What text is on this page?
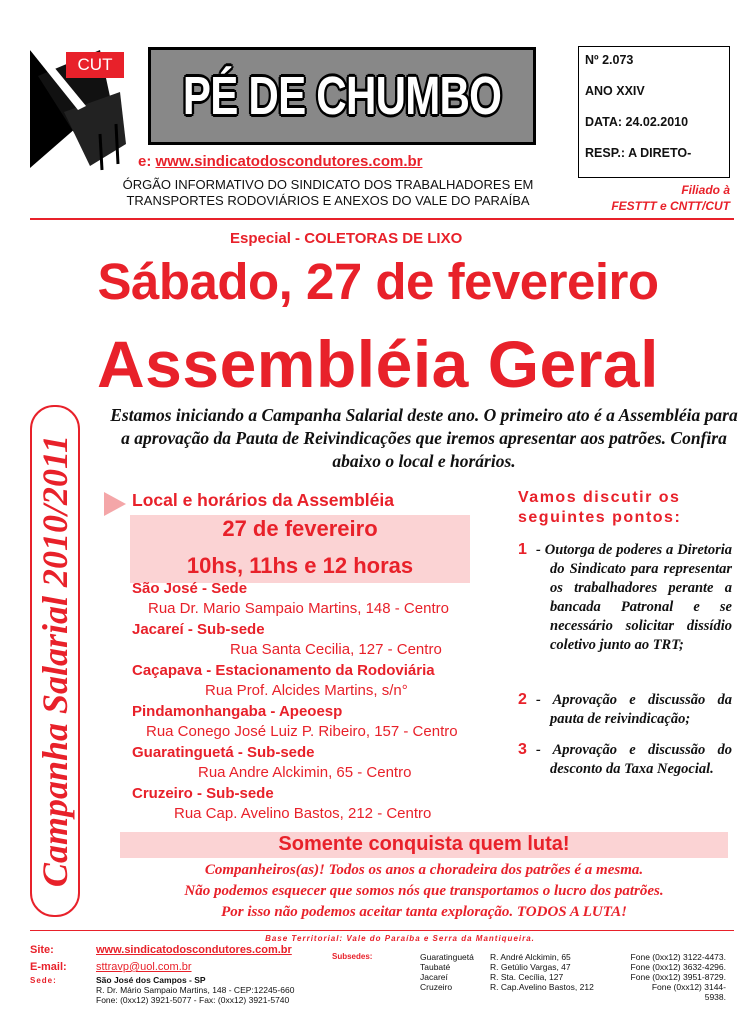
CUT
PÉ DE CHUMBO
Nº 2.073
ANO XXIV
DATA: 24.02.2010
RESP.: A DIRETO-
e: www.sindicatodoscondutores.com.br
ÓRGÃO INFORMATIVO DO SINDICATO DOS TRABALHADORES EM
TRANSPORTES RODOVIÁRIOS E ANEXOS DO VALE DO PARAÍBA
Filiado à
FESTTT e CNTT/CUT
Especial - COLETORAS DE LIXO
Sábado, 27 de fevereiro
Assembléia Geral
Campanha Salarial 2010/2011
Estamos iniciando a Campanha Salarial deste ano. O primeiro ato é a Assembléia para a aprovação da Pauta de Reivindicações que iremos apresentar aos patrões. Confira abaixo o local e horários.
Local e horários da Assembléia
27 de fevereiro
10hs, 11hs e 12 horas
São José - Sede
Rua Dr. Mario Sampaio Martins, 148 - Centro
Jacareí - Sub-sede
Rua Santa Cecilia, 127 - Centro
Caçapava - Estacionamento da Rodoviária
Rua Prof. Alcides Martins, s/n°
Pindamonhangaba - Apeoesp
Rua Conego José Luiz P. Ribeiro, 157 - Centro
Guaratinguetá - Sub-sede
Rua Andre Alckimin, 65 - Centro
Cruzeiro - Sub-sede
Rua Cap. Avelino Bastos, 212 - Centro
Vamos discutir os seguintes pontos:
1 - Outorga de poderes a Diretoria do Sindicato para representar os trabalhadores perante a bancada Patronal e se necessário solicitar dissídio coletivo junto ao TRT;
2 - Aprovação e discussão da pauta de reivindicação;
3 - Aprovação e discussão do desconto da Taxa Negocial.
Somente conquista quem luta!
Companheiros(as)! Todos os anos a choradeira dos patrões é a mesma.
Não podemos esquecer que somos nós que transportamos o lucro dos patrões.
Por isso não podemos aceitar tanta exploração. TODOS A LUTA!
Base Territorial: Vale do Paraíba e Serra da Mantiqueira.
Site:	www.sindicatodoscondutores.com.br
E-mail:	sttravp@uol.com.br
Sede:	São José dos Campos - SP
R. Dr. Mário Sampaio Martins, 148 - CEP:12245-660
Fone: (0xx12) 3921-5077 - Fax: (0xx12) 3921-5740
Subsedes:	Guaratinguetá R. André Alckimin, 65	Fone (0xx12) 3122-4473.
Taubaté	R. Getúlio Vargas, 47	Fone (0xx12) 3632-4296.
Jacareí	R. Sta. Cecília, 127	Fone (0xx12) 3951-8729.
Cruzeiro	R. Cap.Avelino Bastos, 212	Fone (0xx12) 3144-
5938.
